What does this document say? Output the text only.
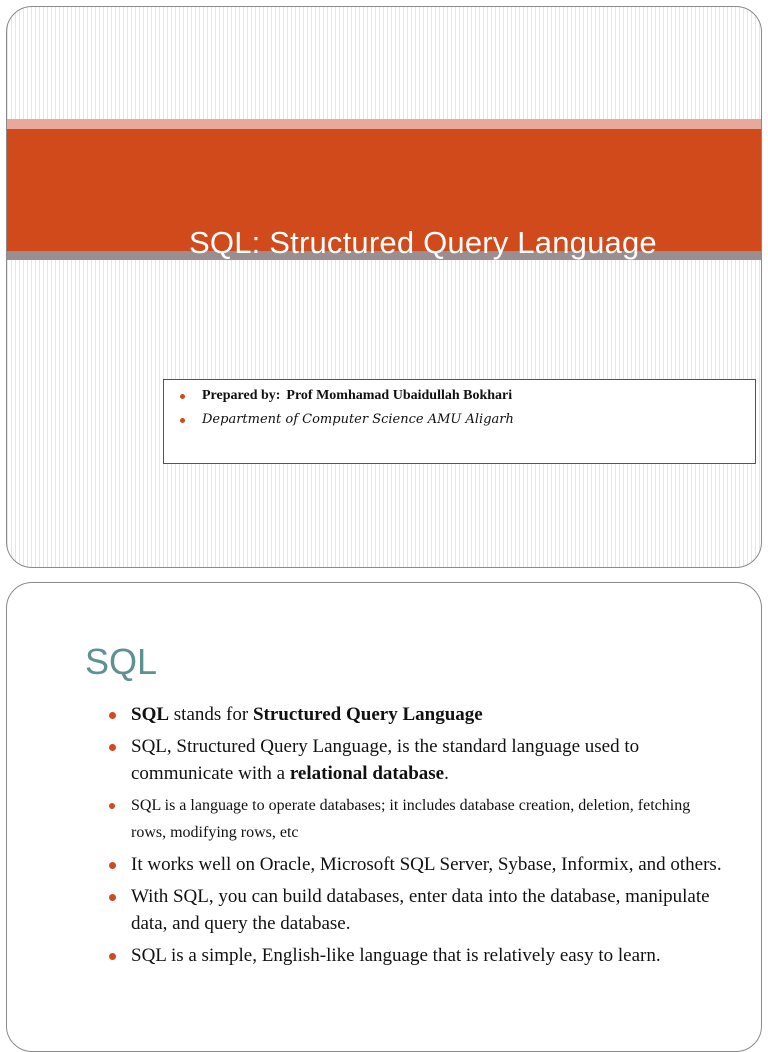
SQL: Structured Query Language
Prepared by: Prof Momhamad Ubaidullah Bokhari
Department of Computer Science AMU Aligarh
SQL
SQL stands for Structured Query Language
SQL, Structured Query Language, is the standard language used to communicate with a relational database.
SQL is a language to operate databases; it includes database creation, deletion, fetching rows, modifying rows, etc
It works well on Oracle, Microsoft SQL Server, Sybase, Informix, and others.
With SQL, you can build databases, enter data into the database, manipulate data, and query the database.
SQL is a simple, English-like language that is relatively easy to learn.
